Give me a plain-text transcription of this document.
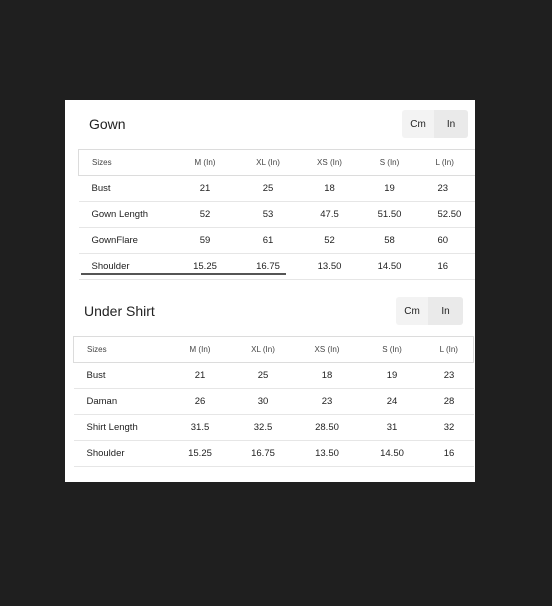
Gown	Cm	In
Sizes	M (In)	XL (In)	XS (In)	S (In)	L (In)
Bust	21	25	18	19	23
Gown Length	52	53	47.5	51.50	52.50
GownFlare	59	61	52	58	60
Shoulder	15.25	16.75	13.50	14.50	16
Under Shirt	Cm	In
Sizes	M (In)	XL (In)	XS (In)	S (In)	L (In)
Bust	21	25	18	19	23
Daman	26	30	23	24	28
Shirt Length	31.5	32.5	28.50	31	32
Shoulder	15.25	16.75	13.50	14.50	16
